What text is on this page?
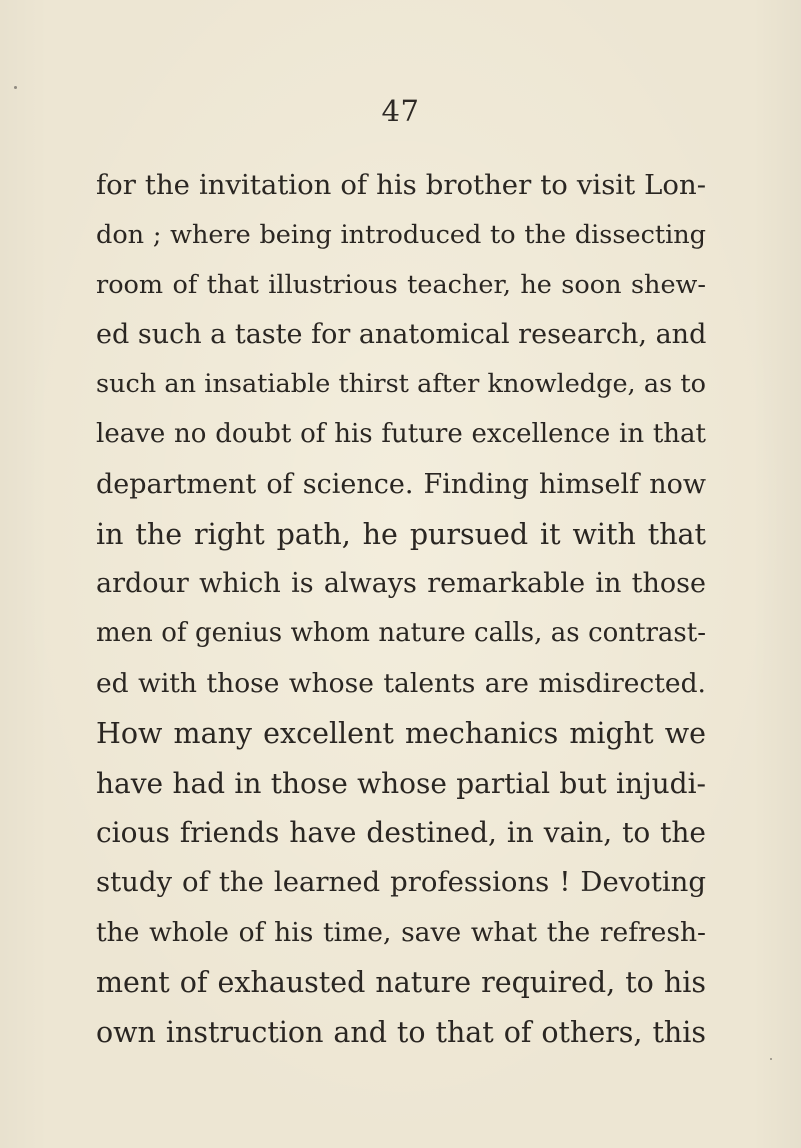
47
for the invitation of his brother to visit Lon-
don ; where being introduced to the dissecting
room of that illustrious teacher, he soon shew-
ed such a taste for anatomical research, and
such an insatiable thirst after knowledge, as to
leave no doubt of his future excellence in that
department of science. Finding himself now
in the right path, he pursued it with that
ardour which is always remarkable in those
men of genius whom nature calls, as contrast-
ed with those whose talents are misdirected.
How many excellent mechanics might we
have had in those whose partial but injudi-
cious friends have destined, in vain, to the
study of the learned professions ! Devoting
the whole of his time, save what the refresh-
ment of exhausted nature required, to his
own instruction and to that of others, this
